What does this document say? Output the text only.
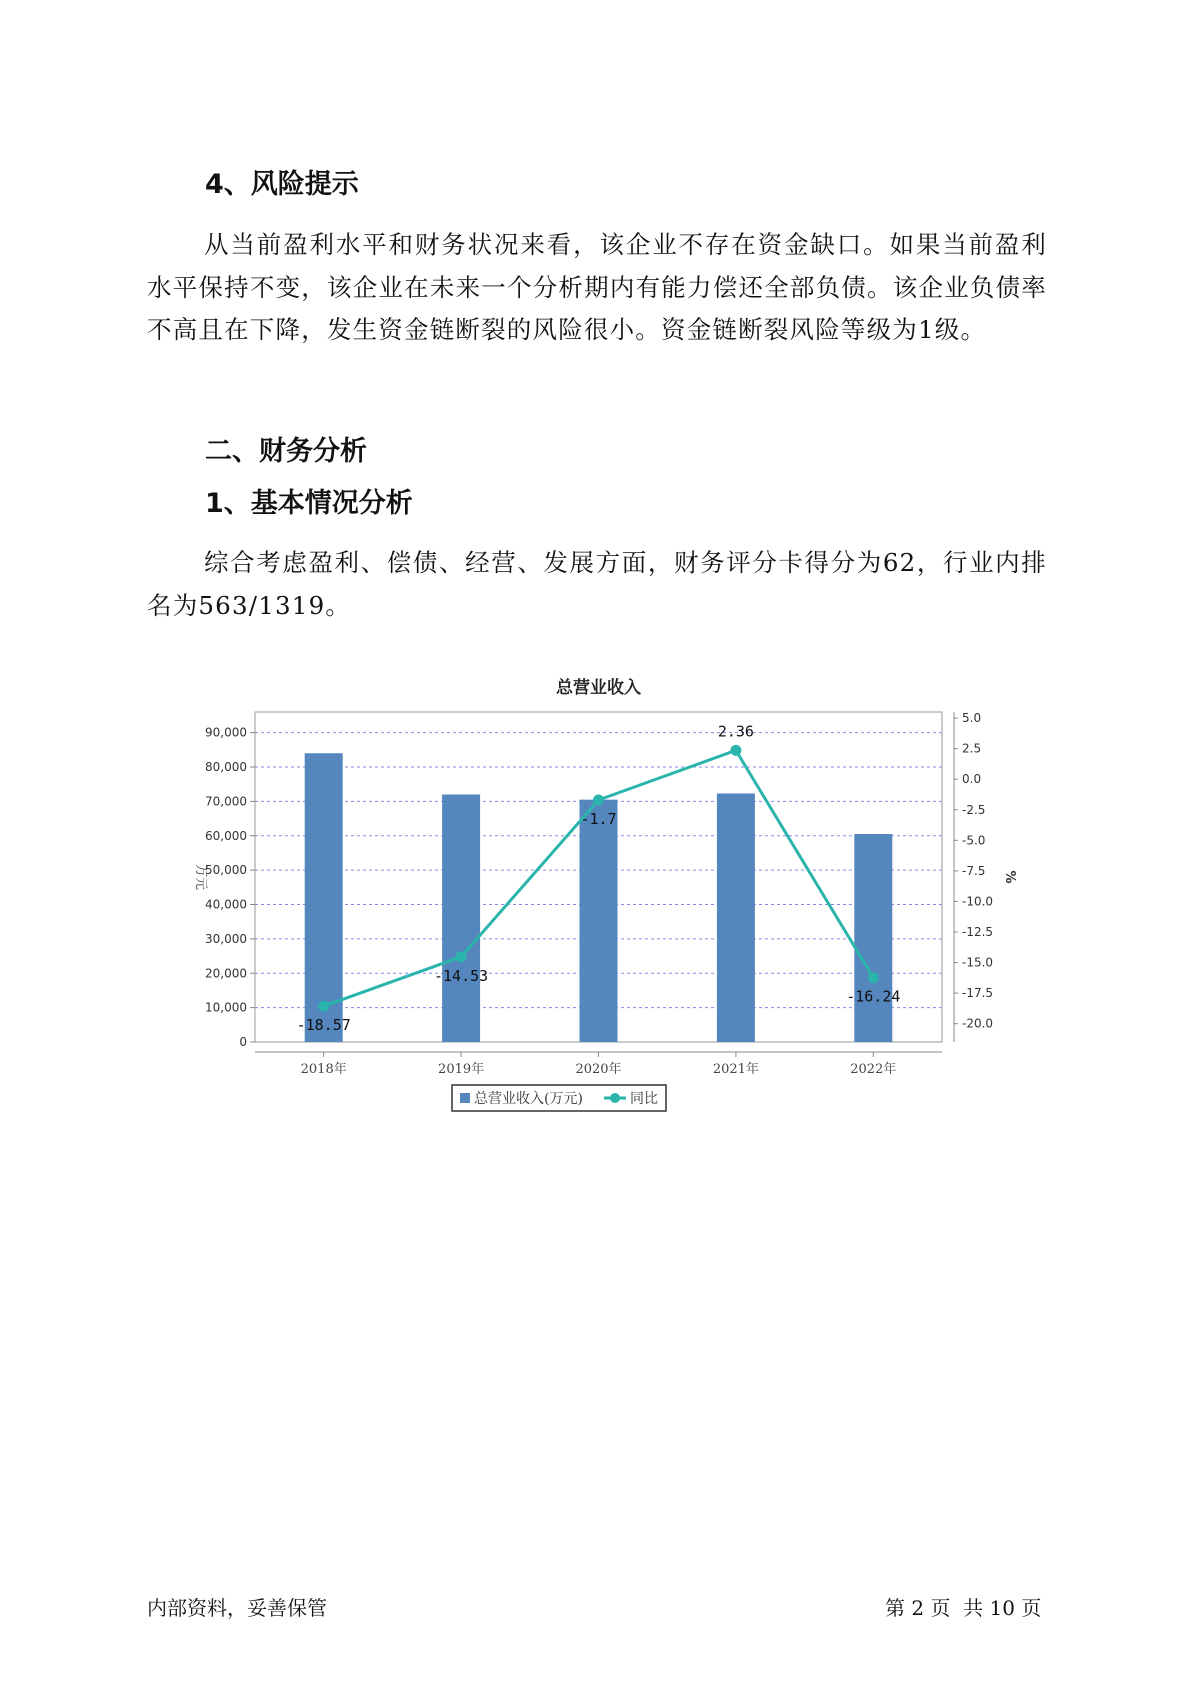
4、风险提示

从当前盈利水平和财务状况来看，该企业不存在资金缺口。如果当前盈利水平保持不变，该企业在未来一个分析期内有能力偿还全部负债。该企业负债率不高且在下降，发生资金链断裂的风险很小。资金链断裂风险等级为1级。

二、财务分析
1、基本情况分析

综合考虑盈利、偿债、经营、发展方面，财务评分卡得分为62，行业内排名为563/1319。

总营业收入
0
10,000
20,000
30,000
40,000
50,000
60,000
70,000
80,000
90,000
5.0
2.5
0.0
-2.5
-5.0
-7.5
-10.0
-12.5
-15.0
-17.5
-20.0
万元	%
2018年	2019年	2020年	2021年	2022年
-18.57
-14.53
-1.7
2.36
-16.24
总营业收入(万元)	同比
内部资料，妥善保管	第 2 页  共 10 页
